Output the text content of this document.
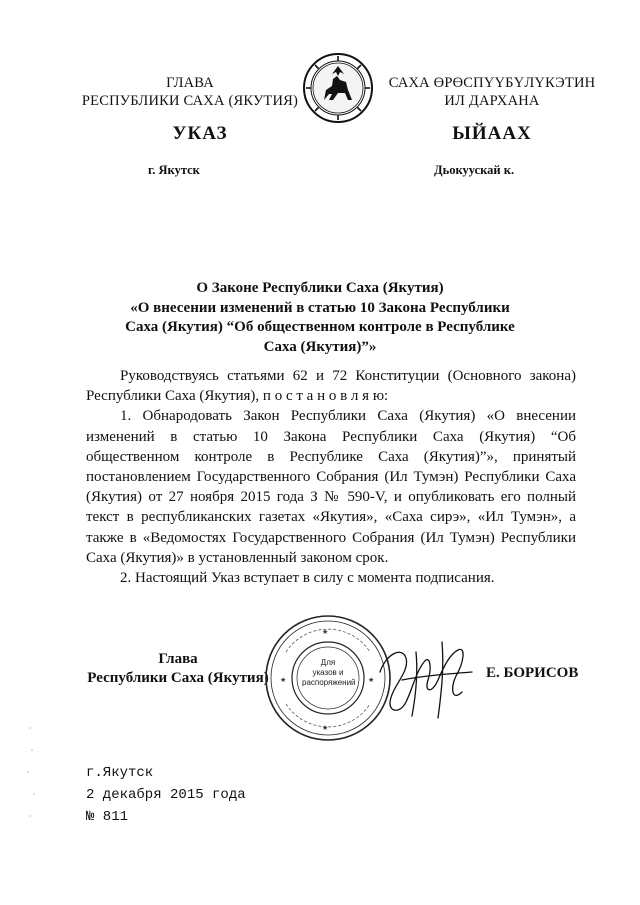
ГЛАВА
РЕСПУБЛИКИ САХА (ЯКУТИЯ)
САХА ӨРӨСПҮҮБҮЛҮКЭТИН
ИЛ ДАРХАНА
УКАЗ	ЫЙААХ
г. Якутск	Дьокуускай к.
О Законе Республики Саха (Якутия)
«О внесении изменений в статью 10 Закона Республики
Саха (Якутия) “Об общественном контроле в Республике
Саха (Якутия)”»

Руководствуясь статьями 62 и 72 Конституции (Основного закона) Республики Саха (Якутия), п о с т а н о в л я ю:

1. Обнародовать Закон Республики Саха (Якутия) «О внесении изменений в статью 10 Закона Республики Саха (Якутия) “Об общественном контроле в Республике Саха (Якутия)”», принятый постановлением Государственного Собрания (Ил Тумэн) Республики Саха (Якутия) от 27 ноября 2015 года З № 590-V, и опубликовать его полный текст в республиканских газетах «Якутия», «Саха сирэ», «Ил Тумэн», а также в «Ведомостях Государственного Собрания (Ил Тумэн) Республики Саха (Якутия)» в установленный законом срок.

2. Настоящий Указ вступает в силу с момента подписания.

Глава
Республики Саха (Якутия)
★
★
★	★
Для
указов и
распоряжений
Е. БОРИСОВ
г.Якутск
2 декабря 2015 года
№ 811
